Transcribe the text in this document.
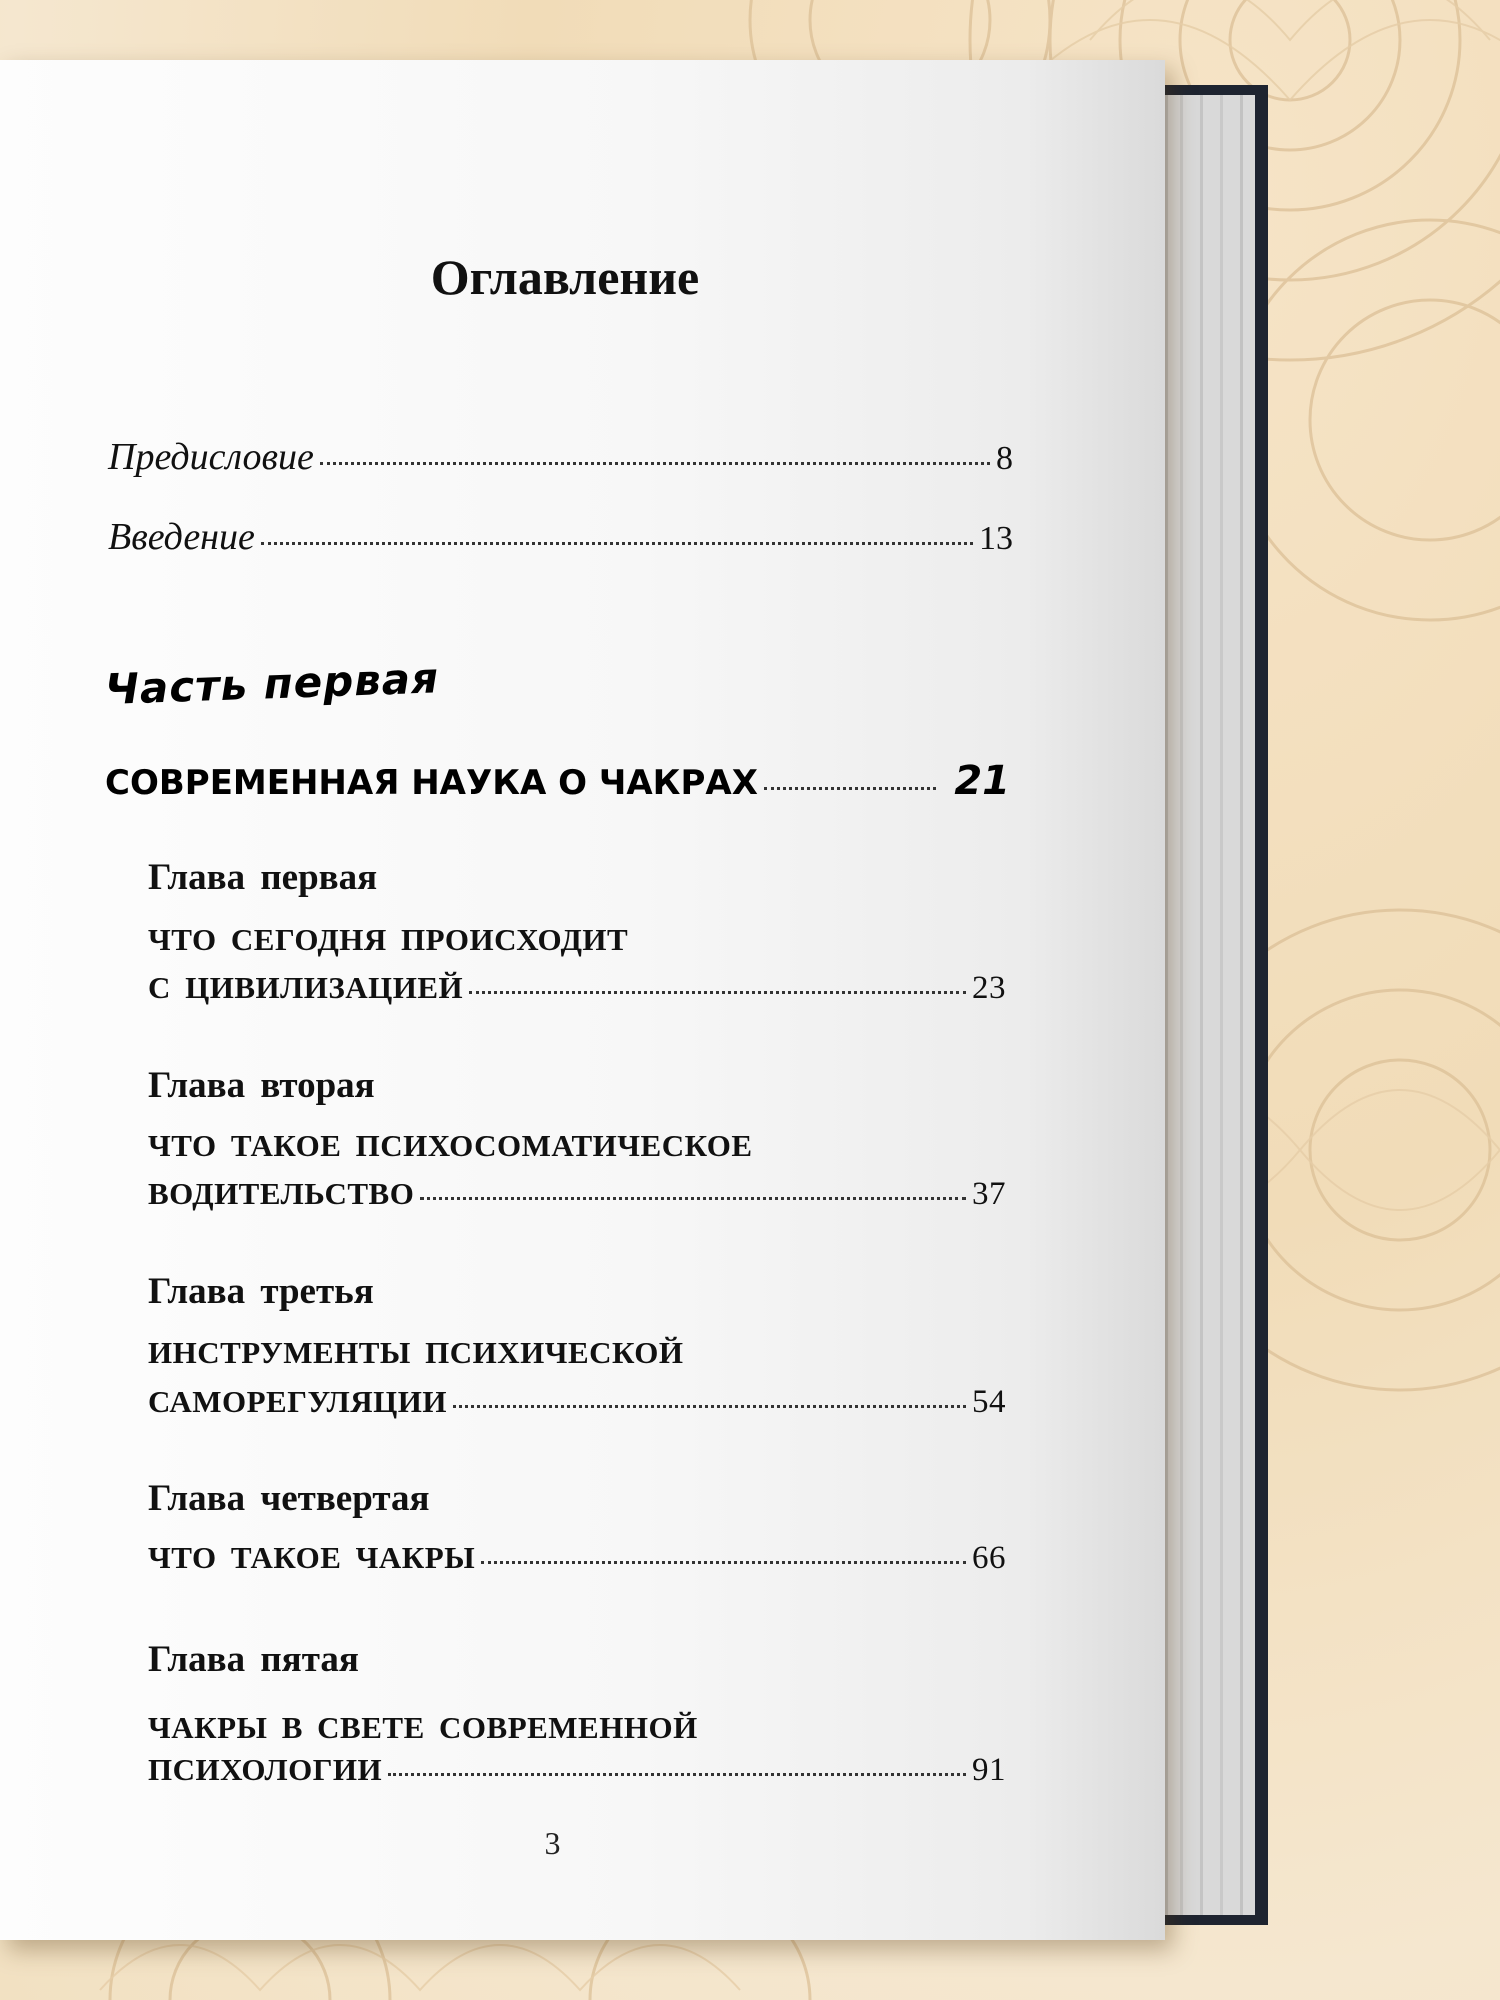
Оглавление
Предисловие	8
Введение	13
Часть первая
СОВРЕМЕННАЯ НАУКА О ЧАКРАХ	21
Глава первая
ЧТО СЕГОДНЯ ПРОИСХОДИТ
С ЦИВИЛИЗАЦИЕЙ	23
Глава вторая
ЧТО ТАКОЕ ПСИХОСОМАТИЧЕСКОЕ
ВОДИТЕЛЬСТВО	37
Глава третья
ИНСТРУМЕНТЫ ПСИХИЧЕСКОЙ
САМОРЕГУЛЯЦИИ	54
Глава четвертая
ЧТО ТАКОЕ ЧАКРЫ	66
Глава пятая
ЧАКРЫ В СВЕТЕ СОВРЕМЕННОЙ
ПСИХОЛОГИИ	91
3
